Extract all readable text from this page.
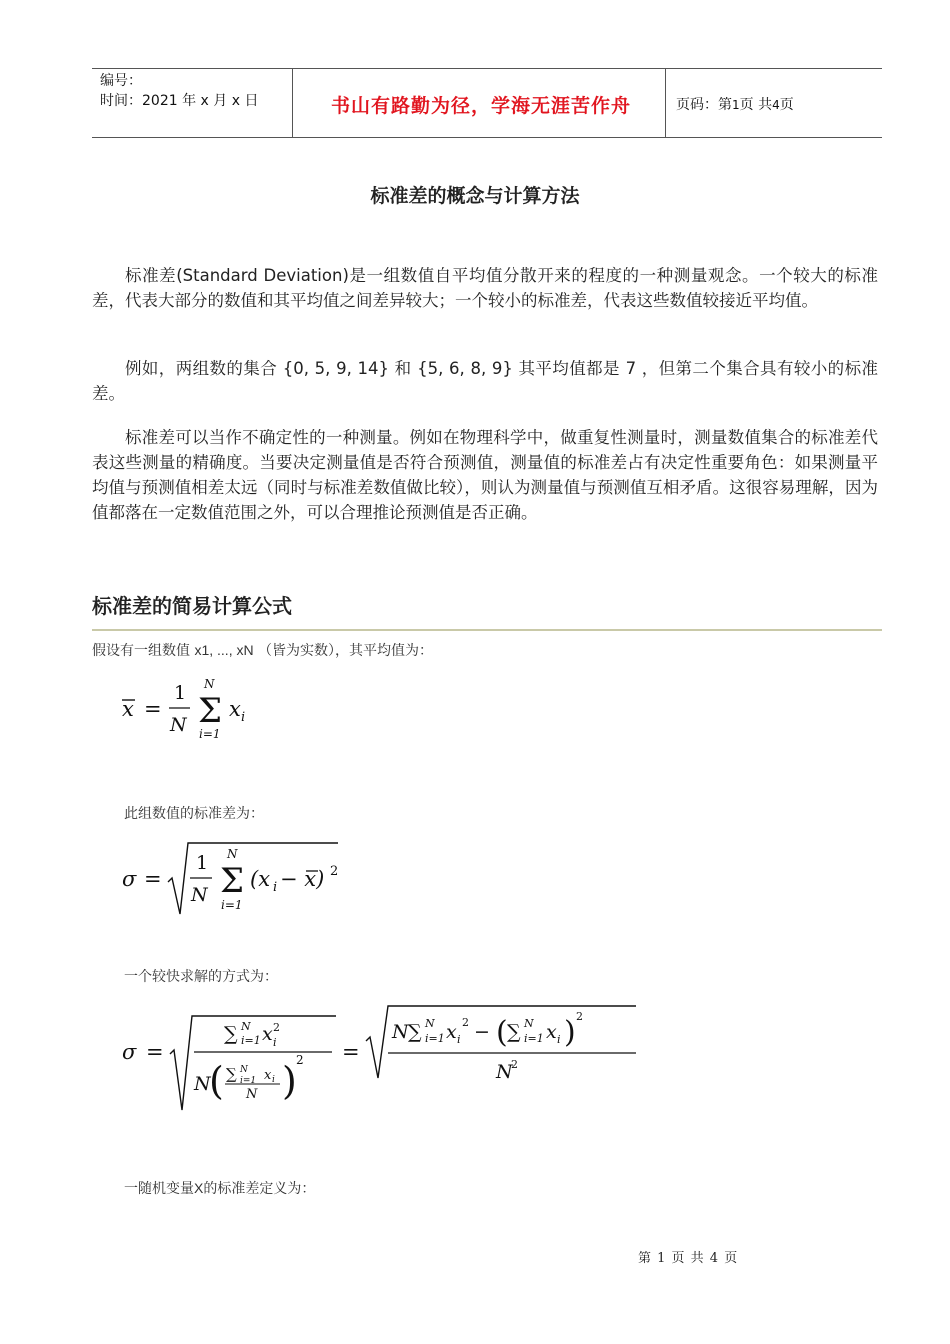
编号：
时间：2021 年 x 月 x 日	书山有路勤为径，学海无涯苦作舟	页码：第1页 共4页
标准差的概念与计算方法

标准差(Standard Deviation)是一组数值自平均值分散开来的程度的一种测量观念。一个较大的标准差，代表大部分的数值和其平均值之间差异较大；一个较小的标准差，代表这些数值较接近平均值。

例如，两组数的集合 {0, 5, 9, 14} 和 {5, 6, 8, 9} 其平均值都是 7 ，但第二个集合具有较小的标准差。

标准差可以当作不确定性的一种测量。例如在物理科学中，做重复性测量时，测量数值集合的标准差代表这些测量的精确度。当要决定测量值是否符合预测值，测量值的标准差占有决定性重要角色：如果测量平均值与预测值相差太远（同时与标准差数值做比较），则认为测量值与预测值互相矛盾。这很容易理解，因为值都落在一定数值范围之外，可以合理推论预测值是否正确。

标准差的简易计算公式
假设有一组数值 x1, ..., xN （皆为实数），其平均值为：
x =
1
N
N
Σ
i=1
x i
此组数值的标准差为：
σ =
1
N
N
Σ
i=1
(x i − x) 2
一个较快求解的方式为：
σ =
∑ N
i=1 x 2
i
N
( ∑ N
i=1 x i
N ) 2 =
N ∑ N
i=1 x i
2 − ( ∑ N
i=1 x i ) 2
N
2
一随机变量X的标准差定义为：
第 1 页 共 4 页
